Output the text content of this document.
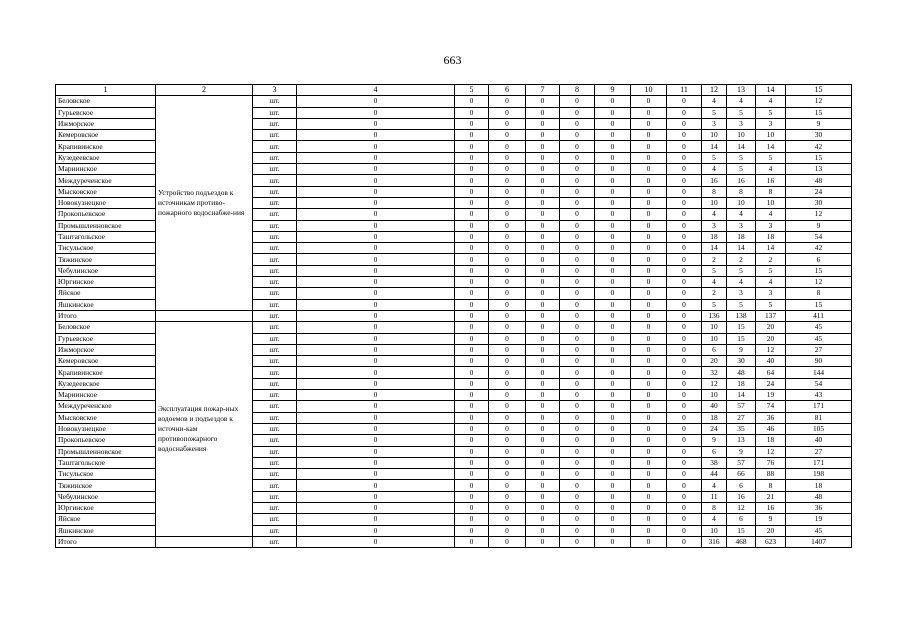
663
1	2	3	4	5	6	7	8	9	10	11	12	13	14	15
Беловское	Устройство подъездов к источникам противо-пожарного водоснабже-ния	шт.	0	0	0	0	0	0	0	0	4	4	4	12
Гурьевское		шт.	0	0	0	0	0	0	0	0	5	5	5	15
Ижморское		шт.	0	0	0	0	0	0	0	0	3	3	3	9
Кемеровское		шт.	0	0	0	0	0	0	0	0	10	10	10	30
Крапивинское		шт.	0	0	0	0	0	0	0	0	14	14	14	42
Кузедеевское		шт.	0	0	0	0	0	0	0	0	5	5	5	15
Мариинское		шт.	0	0	0	0	0	0	0	0	4	5	4	13
Междуреченское		шт.	0	0	0	0	0	0	0	0	16	16	16	48
Мысковское		шт.	0	0	0	0	0	0	0	0	8	8	8	24
Новокузнецкое		шт.	0	0	0	0	0	0	0	0	10	10	10	30
Прокопьевское		шт.	0	0	0	0	0	0	0	0	4	4	4	12
Промышленновское		шт.	0	0	0	0	0	0	0	0	3	3	3	9
Таштагольское		шт.	0	0	0	0	0	0	0	0	18	18	18	54
Тисульское		шт.	0	0	0	0	0	0	0	0	14	14	14	42
Тяжинское		шт.	0	0	0	0	0	0	0	0	2	2	2	6
Чебулинское		шт.	0	0	0	0	0	0	0	0	5	5	5	15
Юргинское		шт.	0	0	0	0	0	0	0	0	4	4	4	12
Яйское		шт.	0	0	0	0	0	0	0	0	2	3	3	8
Яшкинское		шт.	0	0	0	0	0	0	0	0	5	5	5	15
Итого		шт.	0	0	0	0	0	0	0	0	136	138	137	411
Беловское	Эксплуатация пожар-ных водоемов и подъездов к источни-кам противопожарного водоснабжения	шт.	0	0	0	0	0	0	0	0	10	15	20	45
Гурьевское		шт.	0	0	0	0	0	0	0	0	10	15	20	45
Ижморское		шт.	0	0	0	0	0	0	0	0	6	9	12	27
Кемеровское		шт.	0	0	0	0	0	0	0	0	20	30	40	90
Крапивинское		шт.	0	0	0	0	0	0	0	0	32	48	64	144
Кузедеевское		шт.	0	0	0	0	0	0	0	0	12	18	24	54
Мариинское		шт.	0	0	0	0	0	0	0	0	10	14	19	43
Междуреченское		шт.	0	0	0	0	0	0	0	0	40	57	74	171
Мысковское		шт.	0	0	0	0	0	0	0	0	18	27	36	81
Новокузнецкое		шт.	0	0	0	0	0	0	0	0	24	35	46	105
Прокопьевское		шт.	0	0	0	0	0	0	0	0	9	13	18	40
Промышленновское		шт.	0	0	0	0	0	0	0	0	6	9	12	27
Таштагольское		шт.	0	0	0	0	0	0	0	0	38	57	76	171
Тисульское		шт.	0	0	0	0	0	0	0	0	44	66	88	198
Тяжинское		шт.	0	0	0	0	0	0	0	0	4	6	8	18
Чебулинское		шт.	0	0	0	0	0	0	0	0	11	16	21	48
Юргинское		шт.	0	0	0	0	0	0	0	0	8	12	16	36
Яйское		шт.	0	0	0	0	0	0	0	0	4	6	9	19
Яшкинское		шт.	0	0	0	0	0	0	0	0	10	15	20	45
Итого		шт.	0	0	0	0	0	0	0	0	316	468	623	1407
